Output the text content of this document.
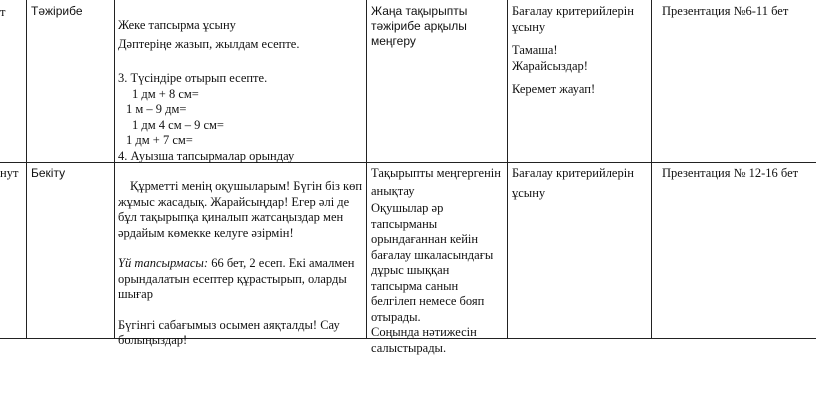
т	Тәжірибе

Жеке тапсырма ұсыну

Дәптеріңе жазып, жылдам есепте.

3. Түсіндіре отырып есепте.

1 дм + 8 см=

1 м – 9 дм=

1 дм 4 см – 9 см=

1 дм + 7 см=

4. Ауызша тапсырмалар орындау

Жаңа тақырыпты

тәжірибе арқылы

меңгеру

Бағалау критерийлерін

ұсыну

Тамаша!

Жарайсыздар!

Керемет жауап!

Презентация №6-11 бет
нут	Бекіту

Құрметті менің оқушыларым! Бүгін біз көп

жұмыс жасадық. Жарайсыңдар! Егер әлі де

бұл тақырыпқа қиналып жатсаңыздар мен

әрдайым көмекке келуге әзірмін!

Үй тапсырмасы: 66 бет, 2 есеп. Екі амалмен

орындалатын есептер құрастырып, оларды

шығар

Бүгінгі сабағымыз осымен аяқталды! Сау

болыңыздар!

Тақырыпты меңгергенін

анықтау

Оқушылар әр

тапсырманы

орындағаннан кейін

бағалау шкаласындағы

дұрыс шыққан

тапсырма санын

белгілеп немесе бояп

отырады.

Соңында нәтижесін

салыстырады.

Бағалау критерийлерін

ұсыну

Презентация № 12-16 бет
